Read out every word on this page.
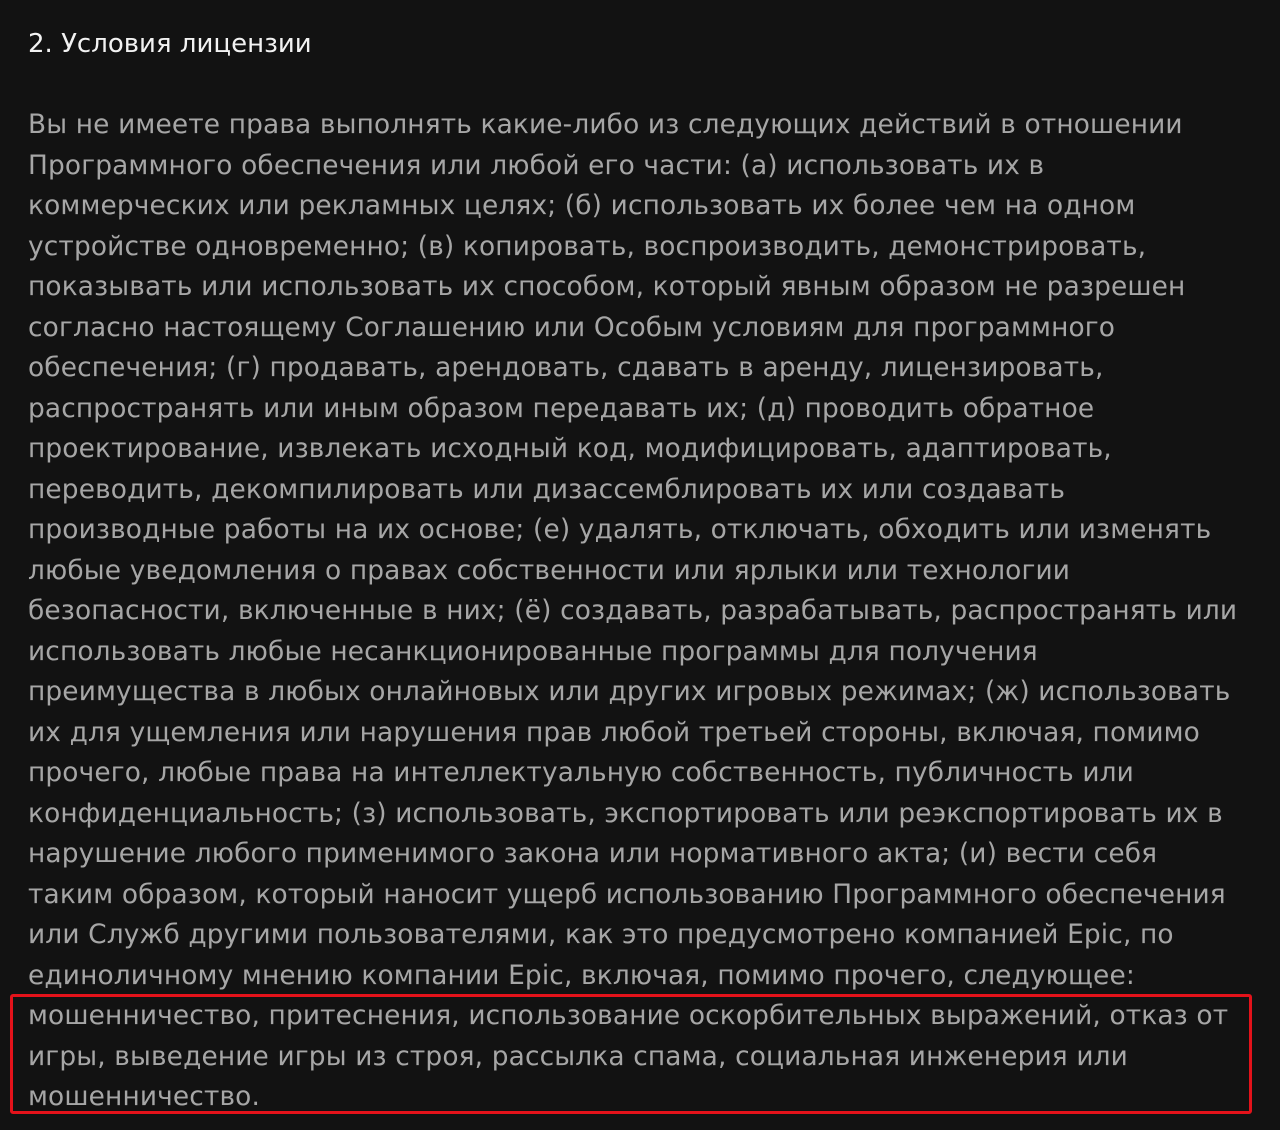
2. Условия лицензии
Вы не имеете права выполнять какие-либо из следующих действий в отношении
Программного обеспечения или любой его части: (а) использовать их в
коммерческих или рекламных целях; (б) использовать их более чем на одном
устройстве одновременно; (в) копировать, воспроизводить, демонстрировать,
показывать или использовать их способом, который явным образом не разрешен
согласно настоящему Соглашению или Особым условиям для программного
обеспечения; (г) продавать, арендовать, сдавать в аренду, лицензировать,
распространять или иным образом передавать их; (д) проводить обратное
проектирование, извлекать исходный код, модифицировать, адаптировать,
переводить, декомпилировать или дизассемблировать их или создавать
производные работы на их основе; (е) удалять, отключать, обходить или изменять
любые уведомления о правах собственности или ярлыки или технологии
безопасности, включенные в них; (ё) создавать, разрабатывать, распространять или
использовать любые несанкционированные программы для получения
преимущества в любых онлайновых или других игровых режимах; (ж) использовать
их для ущемления или нарушения прав любой третьей стороны, включая, помимо
прочего, любые права на интеллектуальную собственность, публичность или
конфиденциальность; (з) использовать, экспортировать или реэкспортировать их в
нарушение любого применимого закона или нормативного акта; (и) вести себя
таким образом, который наносит ущерб использованию Программного обеспечения
или Служб другими пользователями, как это предусмотрено компанией Epic, по
единоличному мнению компании Epic, включая, помимо прочего, следующее:
мошенничество, притеснения, использование оскорбительных выражений, отказ от
игры, выведение игры из строя, рассылка спама, социальная инженерия или
мошенничество.
